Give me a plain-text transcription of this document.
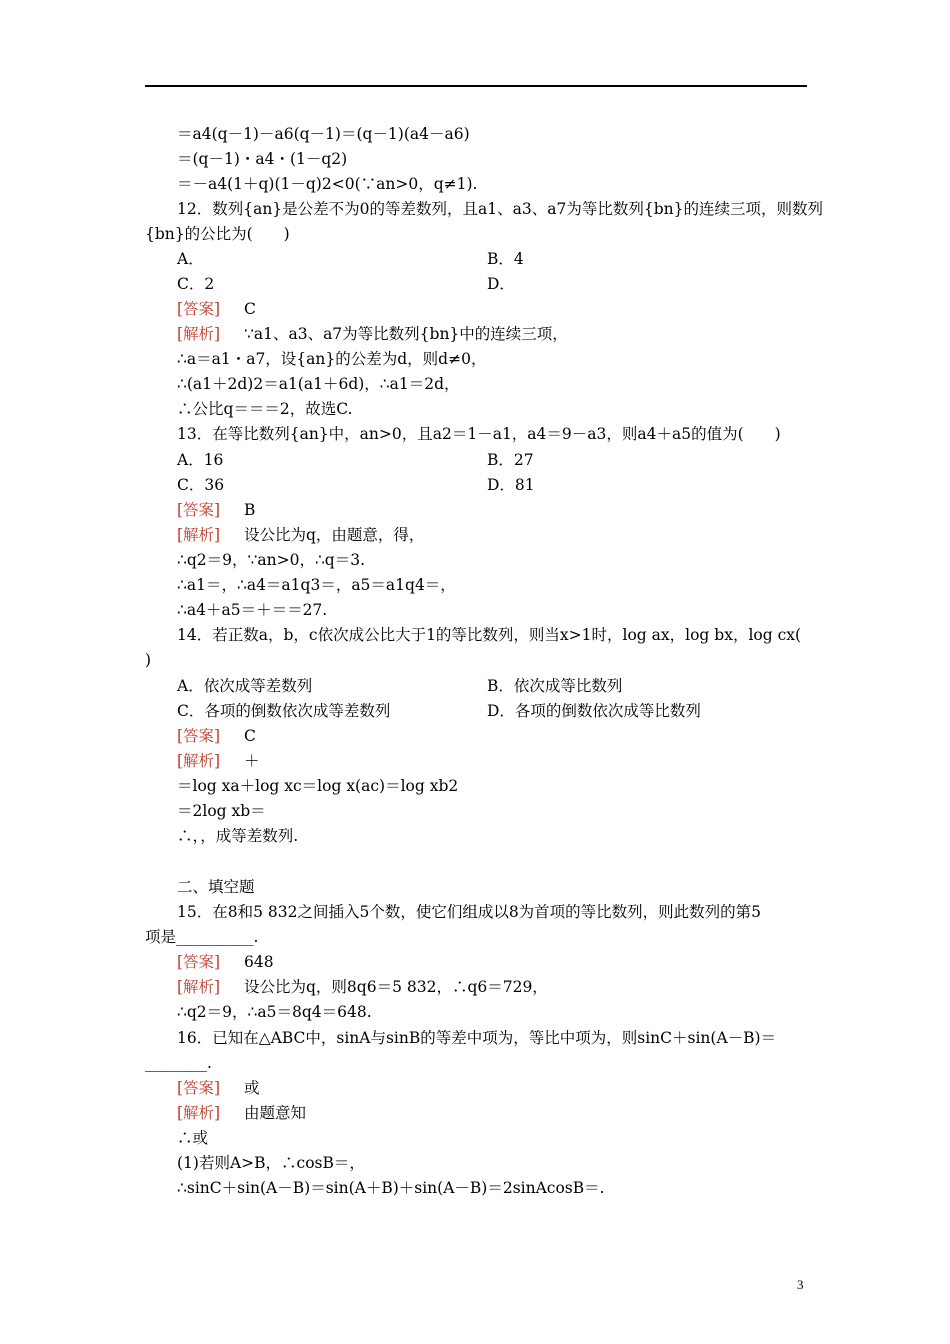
＝a4(q－1)－a6(q－1)＝(q－1)(a4－a6)
＝(q－1)・a4・(1－q2)
＝－a4(1＋q)(1－q)2<0(∵an>0，q≠1).
12．数列{an}是公差不为0的等差数列，且a1、a3、a7为等比数列{bn}的连续三项，则数列
{bn}的公比为(　　)
A．	B．4
C．2	D．
[答案] C
[解析] ∵a1、a3、a7为等比数列{bn}中的连续三项，
∴a＝a1・a7，设{an}的公差为d，则d≠0，
∴(a1＋2d)2＝a1(a1＋6d)，∴a1＝2d，
∴公比q＝＝＝2，故选C.
13．在等比数列{an}中，an>0，且a2＝1－a1，a4＝9－a3，则a4＋a5的值为(　　)
A．16	B．27
C．36	D．81
[答案] B
[解析] 设公比为q，由题意，得，
∴q2＝9，∵an>0，∴q＝3.
∴a1＝，∴a4＝a1q3＝，a5＝a1q4＝，
∴a4＋a5＝＋＝＝27.
14．若正数a，b，c依次成公比大于1的等比数列，则当x>1时，log ax，log bx，log cx(
)
A．依次成等差数列	B．依次成等比数列
C．各项的倒数依次成等差数列	D．各项的倒数依次成等比数列
[答案] C
[解析] ＋
＝log xa＋log xc＝log x(ac)＝log xb2
＝2log xb＝
∴，，成等差数列.
二、填空题
15．在8和5 832之间插入5个数，使它们组成以8为首项的等比数列，则此数列的第5
项是__________.
[答案] 648
[解析] 设公比为q，则8q6＝5 832，∴q6＝729，
∴q2＝9，∴a5＝8q4＝648.
16．已知在△ABC中，sinA与sinB的等差中项为，等比中项为，则sinC＋sin(A－B)＝
________.
[答案] 或
[解析] 由题意知
∴或
(1)若则A>B，∴cosB＝，
∴sinC＋sin(A－B)＝sin(A＋B)＋sin(A－B)＝2sinAcosB＝.
3
